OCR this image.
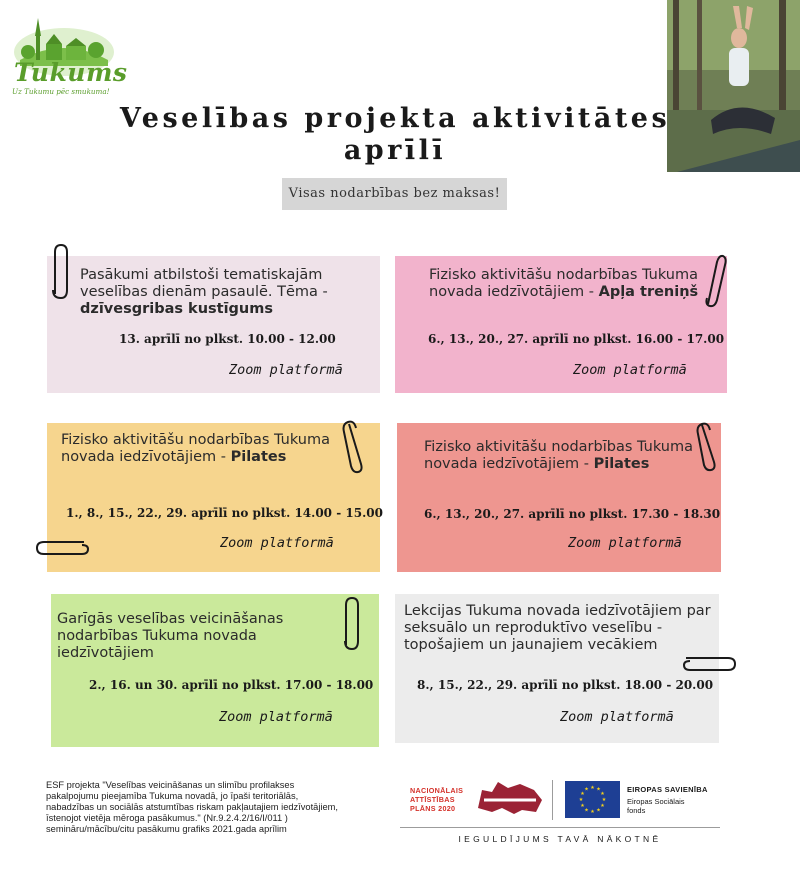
Tukums
Uz Tukumu pēc smukuma!
Veselības projekta aktivitātes
aprīlī
Visas nodarbības bez maksas!
Pasākumi atbilstoši tematiskajām veselības dienām pasaulē. Tēma - dzīvesgribas kustīgums
13. aprīlī no plkst. 10.00 - 12.00
Zoom platformā
Fizisko aktivitāšu nodarbības Tukuma novada iedzīvotājiem - Apļa treniņš
6., 13., 20., 27. aprīlī no plkst. 16.00 - 17.00
Zoom platformā
Fizisko aktivitāšu nodarbības Tukuma novada iedzīvotājiem - Pilates
1., 8., 15., 22., 29. aprīlī no plkst. 14.00 - 15.00
Zoom platformā
Fizisko aktivitāšu nodarbības Tukuma novada iedzīvotājiem - Pilates
6., 13., 20., 27. aprīlī no plkst. 17.30 - 18.30
Zoom platformā
Garīgās veselības veicināšanas nodarbības Tukuma novada iedzīvotājiem
2., 16. un 30. aprīlī no plkst. 17.00 - 18.00
Zoom platformā
Lekcijas Tukuma novada iedzīvotājiem par seksuālo un reproduktīvo veselību - topošajiem un jaunajiem vecākiem
8., 15., 22., 29. aprīlī no plkst. 18.00 - 20.00
Zoom platformā
ESF projekta "Veselības veicināšanas un slimību profilakses pakalpojumu pieejamība Tukuma novadā, jo īpaši teritoriālās, nabadzības un sociālās atstumtības riskam pakļautajiem iedzīvotājiem, īstenojot vietēja mēroga pasākumus." (Nr.9.2.4.2/16/I/011 ) semināru/mācību/citu pasākumu grafiks 2021.gada aprīlim
NACIONĀLAIS
ATTĪSTĪBAS
PLĀNS 2020
★ ★
★
★
★
★
★
★
★
★
★
★	EIROPAS SAVIENĪBA
Eiropas Sociālais
fonds
IEGULDĪJUMS TAVĀ NĀKOTNĒ
